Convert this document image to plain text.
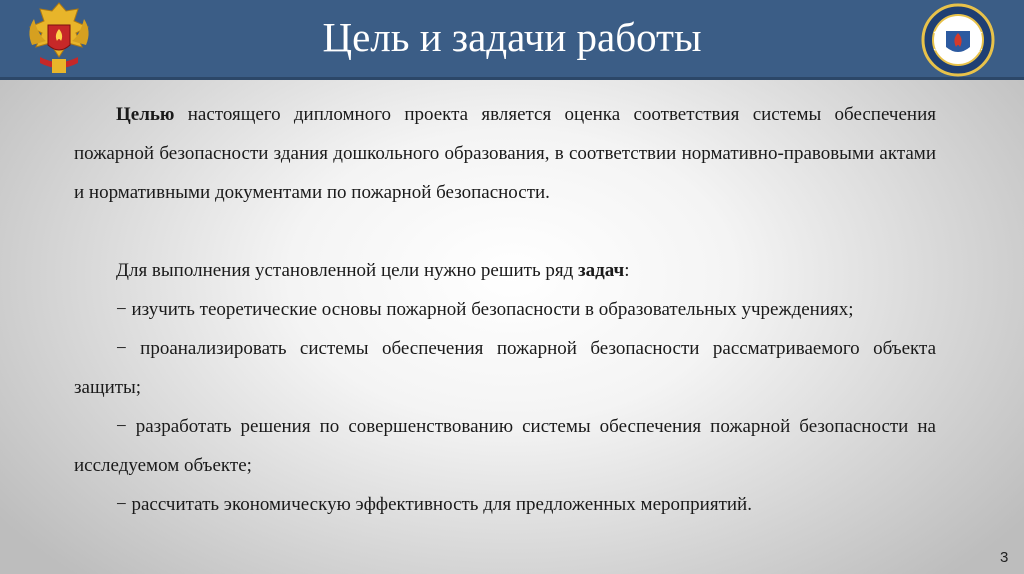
Цель и задачи работы

Целью настоящего дипломного проекта является оценка соответствия системы обеспечения пожарной безопасности здания дошкольного образования, в соответствии нормативно-правовыми актами и нормативными документами по пожарной безопасности.

Для выполнения установленной цели нужно решить ряд задач:

− изучить теоретические основы пожарной безопасности в образовательных учреждениях;

− проанализировать системы обеспечения пожарной безопасности рассматриваемого объекта защиты;

− разработать решения по совершенствованию системы обеспечения пожарной безопасности на исследуемом объекте;

− рассчитать экономическую эффективность для предложенных мероприятий.

3
